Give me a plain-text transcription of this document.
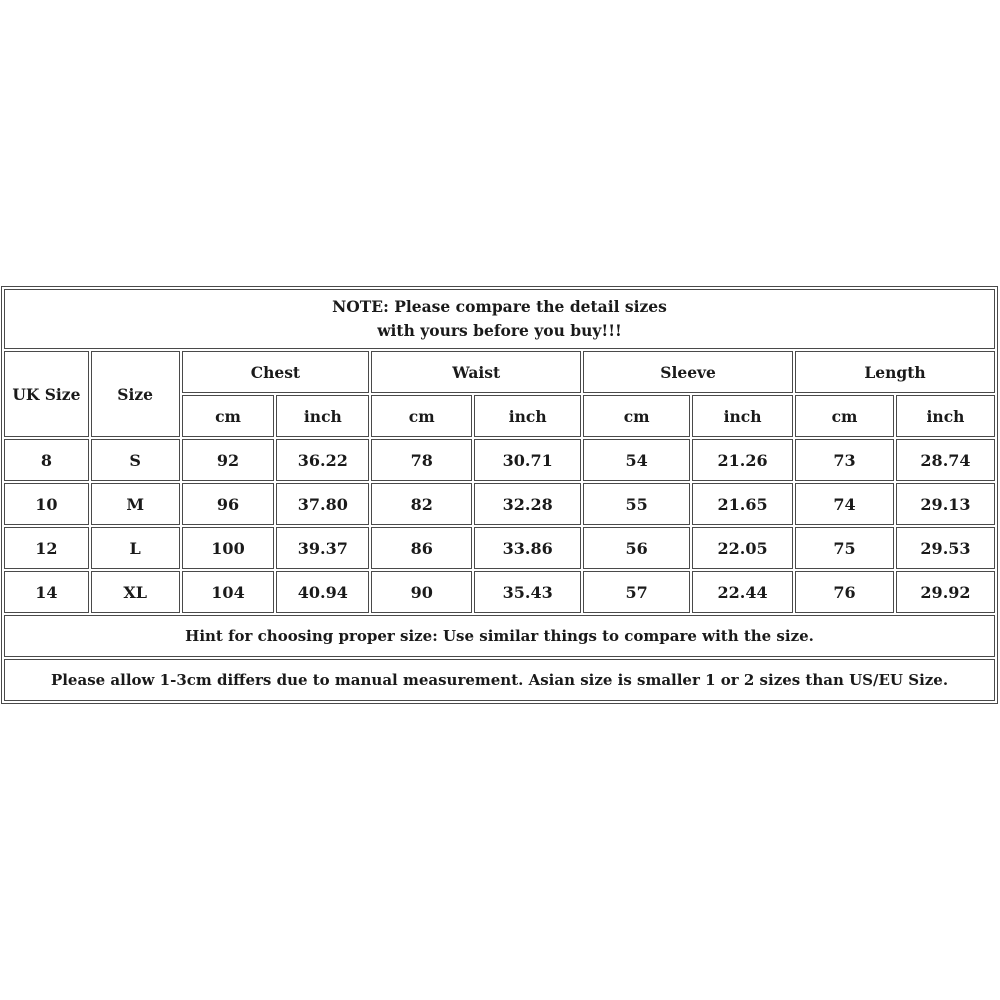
NOTE: Please compare the detail sizes
with yours before you buy!!!									

UK Size	Size	Chest		Waist		Sleeve		Length	
		cm	inch	cm	inch	cm	inch	cm	inch
8	S	92	36.22	78	30.71	54	21.26	73	28.74
10	M	96	37.80	82	32.28	55	21.65	74	29.13
12	L	100	39.37	86	33.86	56	22.05	75	29.53
14	XL	104	40.94	90	35.43	57	22.44	76	29.92
Hint for choosing proper size: Use similar things to compare with the size.									
Please allow 1-3cm differs due to manual measurement. Asian size is smaller 1 or 2 sizes than US/EU Size.									
